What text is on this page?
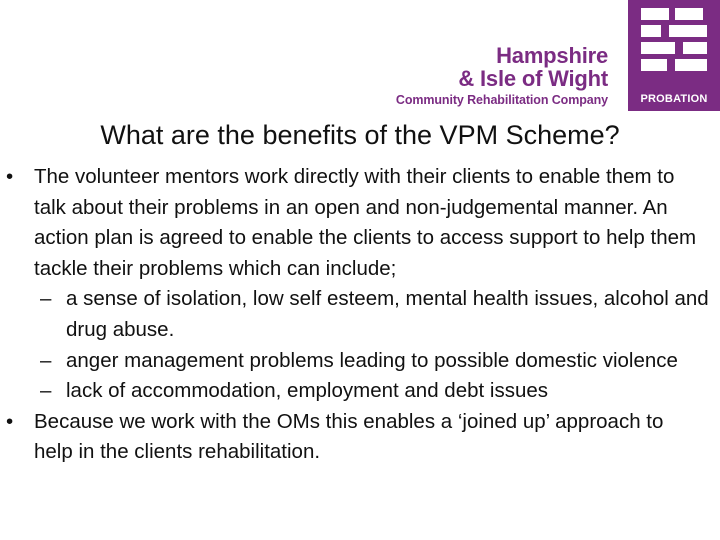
Hampshire
& Isle of Wight
Community Rehabilitation Company	PROBATION
What are the benefits of the VPM Scheme?
• The volunteer mentors work directly with their clients to enable them to talk about their problems in an open and non-judgemental manner. An action plan is agreed to enable the clients to access support to help them tackle their problems which can include;
– a sense of isolation, low self esteem, mental health issues, alcohol and drug abuse.
– anger management problems leading to possible domestic violence
– lack of accommodation, employment and debt issues
• Because we work with the OMs this enables a ‘joined up’ approach to help in the clients rehabilitation.
